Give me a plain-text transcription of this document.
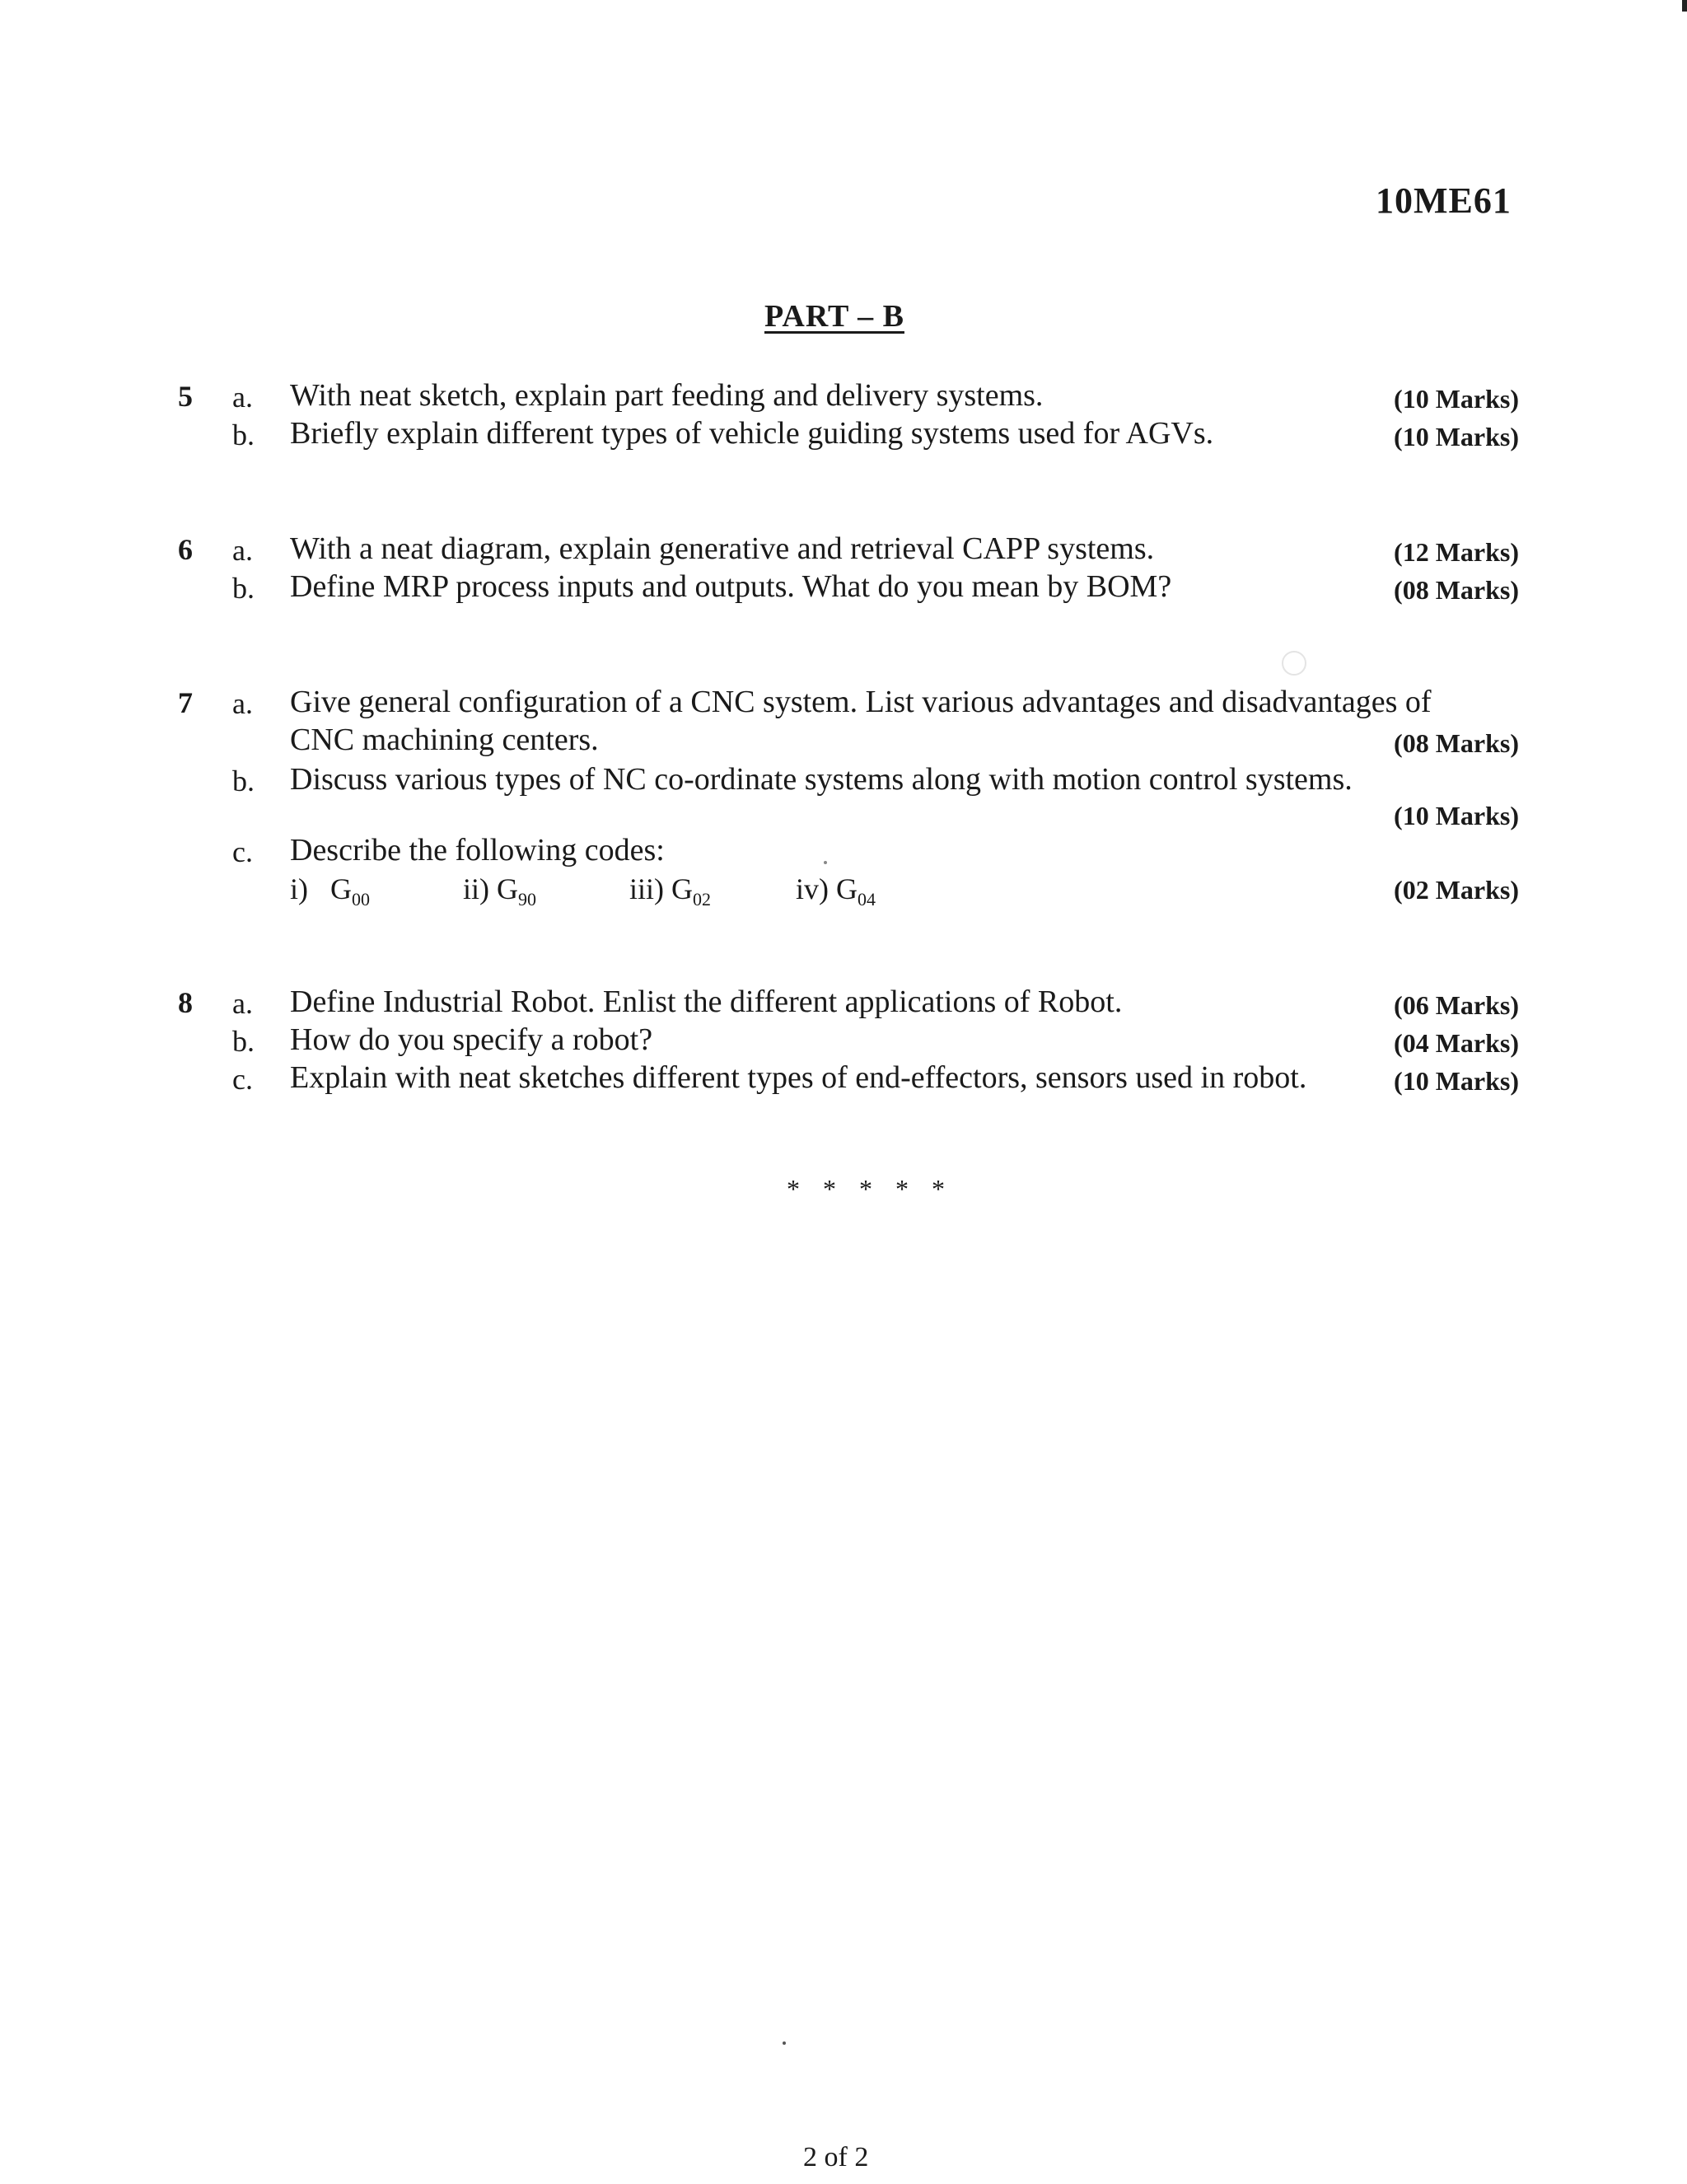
10ME61
PART – B
5 a. With neat sketch, explain part feeding and delivery systems.	(10 Marks)
b. Briefly explain different types of vehicle guiding systems used for AGVs.	(10 Marks)
6 a. With a neat diagram, explain generative and retrieval CAPP systems.	(12 Marks)
b. Define MRP process inputs and outputs. What do you mean by BOM?	(08 Marks)
7 a. Give general configuration of a CNC system. List various advantages and disadvantages of
CNC machining centers.	(08 Marks)
b. Discuss various types of NC co-ordinate systems along with motion control systems.
(10 Marks)
c. Describe the following codes:
i) $G_{00}$	ii) $G_{90}$	iii) $G_{02}$	iv) $G_{04}$	(02 Marks)
8 a. Define Industrial Robot. Enlist the different applications of Robot.	(06 Marks)
b. How do you specify a robot?	(04 Marks)
c. Explain with neat sketches different types of end-effectors, sensors used in robot.	(10 Marks)
* * * * *
2 of 2
